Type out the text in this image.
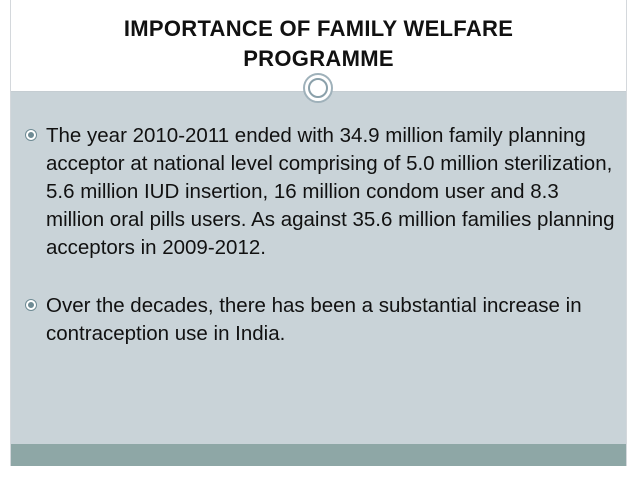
IMPORTANCE OF FAMILY WELFARE
PROGRAMME
The year 2010-2011 ended with 34.9 million family planning acceptor at national level comprising of 5.0 million sterilization, 5.6 million IUD insertion, 16 million condom user and 8.3 million oral pills users. As against 35.6 million families planning acceptors in 2009-2012.
Over the decades, there has been a substantial increase in contraception use in India.
